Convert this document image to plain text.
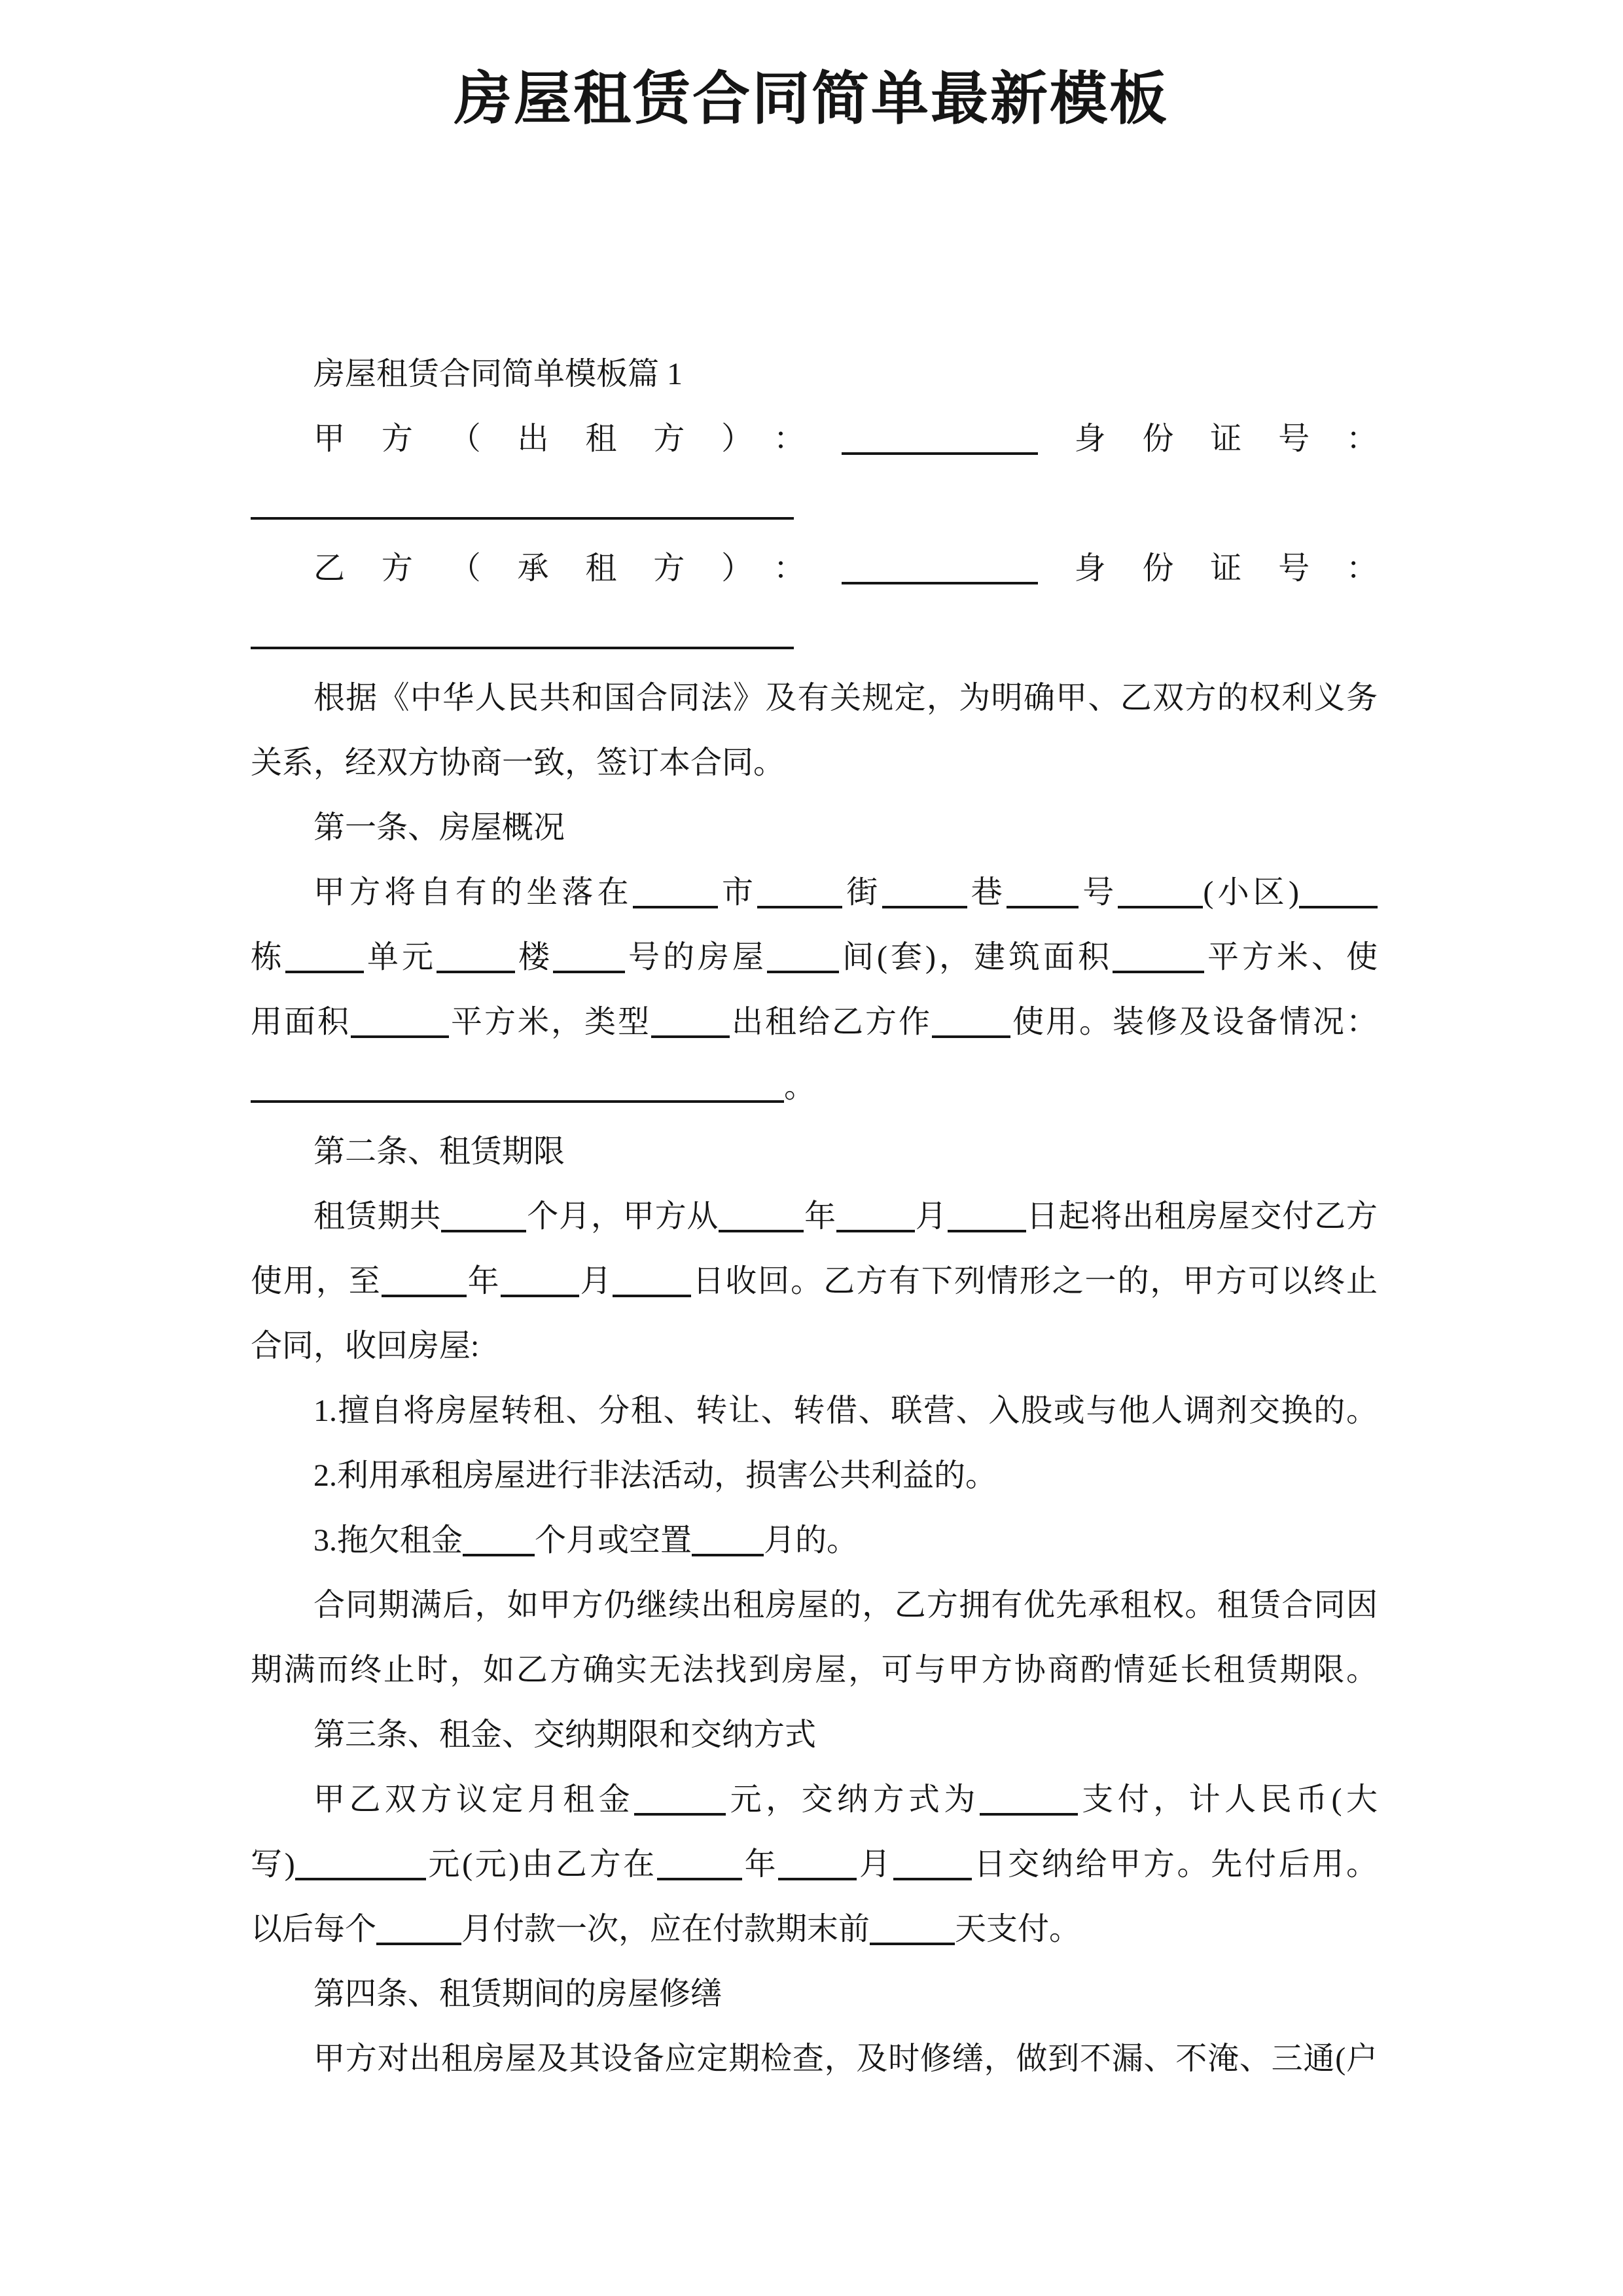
房屋租赁合同简单最新模板
房屋租赁合同简单模板篇 1
甲方（出租方）：	身份证号：
乙方（承租方）：	身份证号：
根据《中华人民共和国合同法》及有关规定，为明确甲、乙双方的权利义务
关系，经双方协商一致，签订本合同。
第一条、房屋概况
甲方将自有的坐落在	市	街	巷 号	(小区)
栋	单元	楼 号的房屋 间(套)，建筑面积	平方米、使
用面积	平方米，类型	出租给乙方作	使用。装修及设备情况：
。
第二条、租赁期限
租赁期共	个月，甲方从	年	月	日起将出租房屋交付乙方
使用，至	年	月	日收回。乙方有下列情形之一的，甲方可以终止
合同，收回房屋:
1.擅自将房屋转租、分租、转让、转借、联营、入股或与他人调剂交换的。
2.利用承租房屋进行非法活动，损害公共利益的。
3.拖欠租金 个月或空置 月的。
合同期满后，如甲方仍继续出租房屋的，乙方拥有优先承租权。租赁合同因
期满而终止时，如乙方确实无法找到房屋，可与甲方协商酌情延长租赁期限。
第三条、租金、交纳期限和交纳方式
甲乙双方议定月租金	元，交纳方式为	支付，计人民币(大
写)	元(元)由乙方在	年	月	日交纳给甲方。先付后用。
以后每个	月付款一次，应在付款期末前	天支付。
第四条、租赁期间的房屋修缮
甲方对出租房屋及其设备应定期检查，及时修缮，做到不漏、不淹、三通(户
